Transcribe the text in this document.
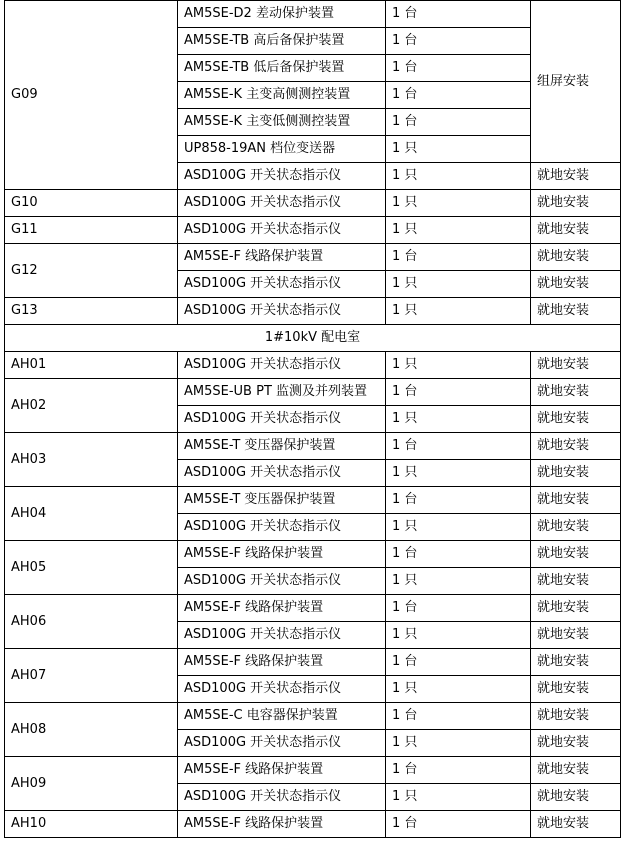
G09	AM5SE-D2 差动保护装置	1 台	组屏安装
	AM5SE-TB 高后备保护装置	1 台	
	AM5SE-TB 低后备保护装置	1 台	
	AM5SE-K 主变高侧测控装置	1 台	
	AM5SE-K 主变低侧测控装置	1 台	
	UP858-19AN 档位变送器	1 只	
	ASD100G 开关状态指示仪	1 只	就地安装
G10	ASD100G 开关状态指示仪	1 只	就地安装
G11	ASD100G 开关状态指示仪	1 只	就地安装
G12	AM5SE-F 线路保护装置	1 台	就地安装
	ASD100G 开关状态指示仪	1 只	就地安装
G13	ASD100G 开关状态指示仪	1 只	就地安装
1#10kV 配电室			
AH01	ASD100G 开关状态指示仪	1 只	就地安装
AH02	AM5SE-UB PT 监测及并列装置	1 台	就地安装
	ASD100G 开关状态指示仪	1 只	就地安装
AH03	AM5SE-T 变压器保护装置	1 台	就地安装
	ASD100G 开关状态指示仪	1 只	就地安装
AH04	AM5SE-T 变压器保护装置	1 台	就地安装
	ASD100G 开关状态指示仪	1 只	就地安装
AH05	AM5SE-F 线路保护装置	1 台	就地安装
	ASD100G 开关状态指示仪	1 只	就地安装
AH06	AM5SE-F 线路保护装置	1 台	就地安装
	ASD100G 开关状态指示仪	1 只	就地安装
AH07	AM5SE-F 线路保护装置	1 台	就地安装
	ASD100G 开关状态指示仪	1 只	就地安装
AH08	AM5SE-C 电容器保护装置	1 台	就地安装
	ASD100G 开关状态指示仪	1 只	就地安装
AH09	AM5SE-F 线路保护装置	1 台	就地安装
	ASD100G 开关状态指示仪	1 只	就地安装
AH10	AM5SE-F 线路保护装置	1 台	就地安装
